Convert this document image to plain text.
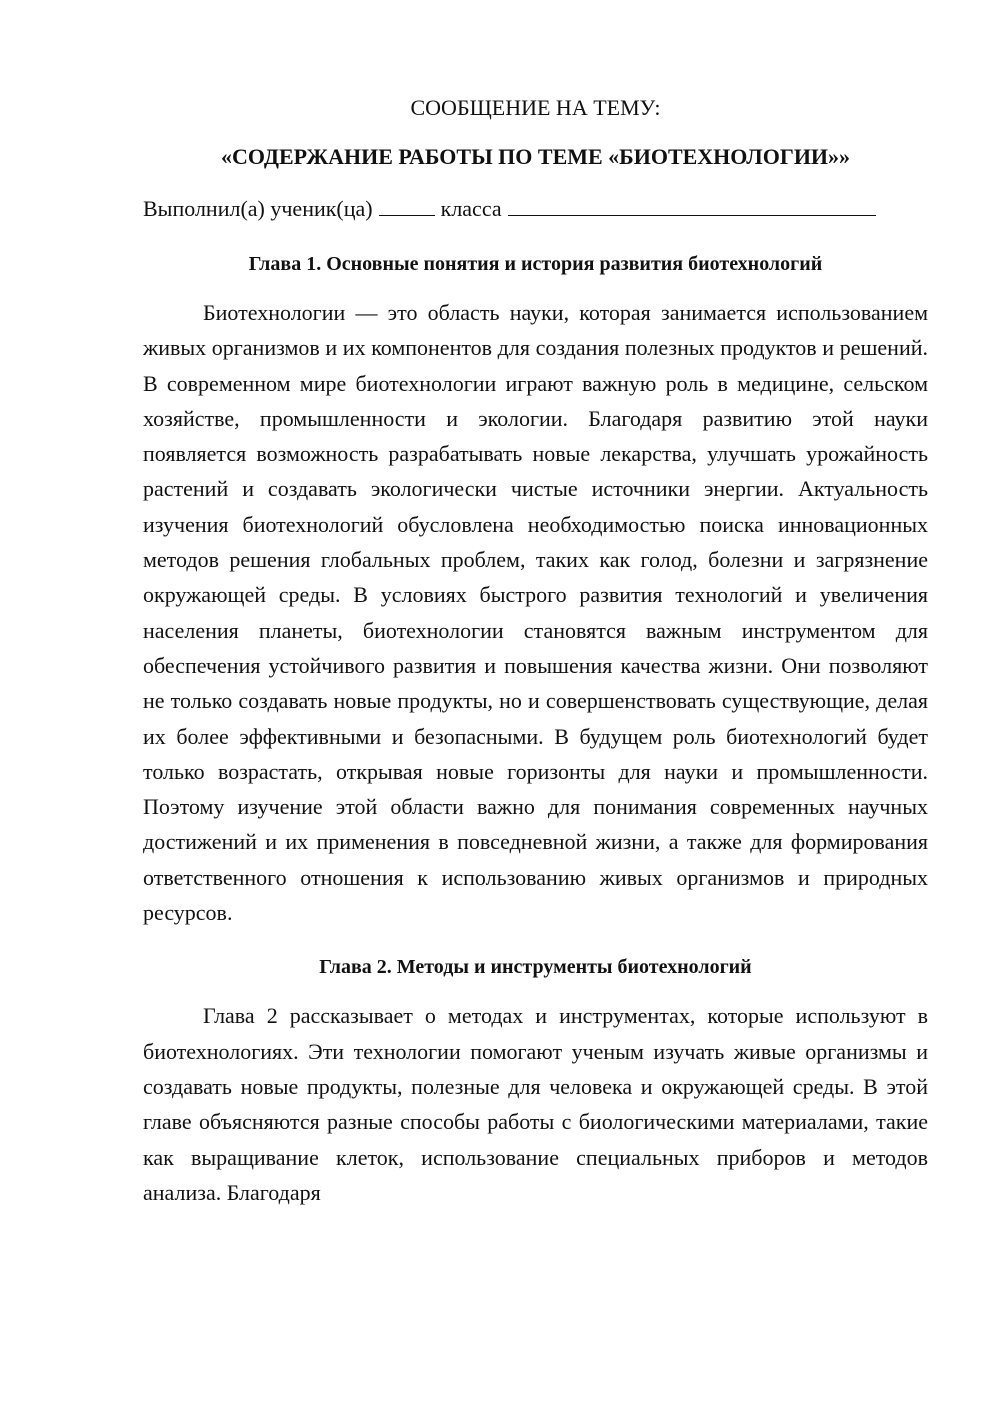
СООБЩЕНИЕ НА ТЕМУ:

«СОДЕРЖАНИЕ РАБОТЫ ПО ТЕМЕ «БИОТЕХНОЛОГИИ»»

Выполнил(а) ученик(ца)	класса
Глава 1. Основные понятия и история развития биотехнологий

Биотехнологии — это область науки, которая занимается использованием живых организмов и их компонентов для создания полезных продуктов и решений. В современном мире биотехнологии играют важную роль в медицине, сельском хозяйстве, промышленности и экологии. Благодаря развитию этой науки появляется возможность разрабатывать новые лекарства, улучшать урожайность растений и создавать экологически чистые источники энергии. Актуальность изучения биотехнологий обусловлена необходимостью поиска инновационных методов решения глобальных проблем, таких как голод, болезни и загрязнение окружающей среды. В условиях быстрого развития технологий и увеличения населения планеты, биотехнологии становятся важным инструментом для обеспечения устойчивого развития и повышения качества жизни. Они позволяют не только создавать новые продукты, но и совершенствовать существующие, делая их более эффективными и безопасными. В будущем роль биотехнологий будет только возрастать, открывая новые горизонты для науки и промышленности. Поэтому изучение этой области важно для понимания современных научных достижений и их применения в повседневной жизни, а также для формирования ответственного отношения к использованию живых организмов и природных ресурсов.

Глава 2. Методы и инструменты биотехнологий

Глава 2 рассказывает о методах и инструментах, которые используют в биотехнологиях. Эти технологии помогают ученым изучать живые организмы и создавать новые продукты, полезные для человека и окружающей среды. В этой главе объясняются разные способы работы с биологическими материалами, такие как выращивание клеток, использование специальных приборов и методов анализа. Благодаря
